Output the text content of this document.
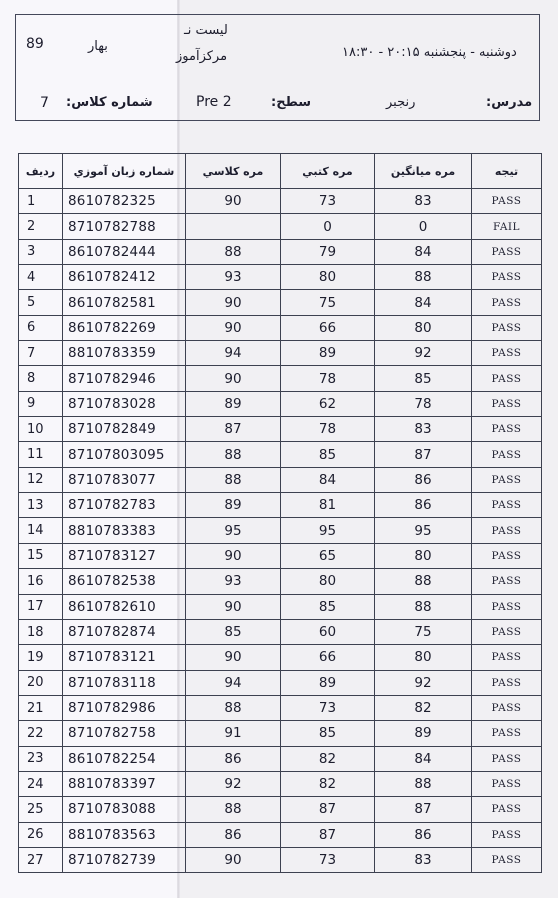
لیست نـ
بهار
89
مرکزآموز	دوشنبه - پنجشنبه ۲۰:۱۵ - ۱۸:۳۰
مدرس:
رنجبر
سطح:
Pre 2
شماره کلاس:
7
ردیف	شماره زبان آموزي	مره كلاسي	مره كتبي	مره ميانگين	تيجه
1	8610782325	90	73	83	PASS
2	8710782788		0	0	FAIL
3	8610782444	88	79	84	PASS
4	8610782412	93	80	88	PASS
5	8610782581	90	75	84	PASS
6	8610782269	90	66	80	PASS
7	8810783359	94	89	92	PASS
8	8710782946	90	78	85	PASS
9	8710783028	89	62	78	PASS
10	8710782849	87	78	83	PASS
11	87107803095	88	85	87	PASS
12	8710783077	88	84	86	PASS
13	8710782783	89	81	86	PASS
14	8810783383	95	95	95	PASS
15	8710783127	90	65	80	PASS
16	8610782538	93	80	88	PASS
17	8610782610	90	85	88	PASS
18	8710782874	85	60	75	PASS
19	8710783121	90	66	80	PASS
20	8710783118	94	89	92	PASS
21	8710782986	88	73	82	PASS
22	8710782758	91	85	89	PASS
23	8610782254	86	82	84	PASS
24	8810783397	92	82	88	PASS
25	8710783088	88	87	87	PASS
26	8810783563	86	87	86	PASS
27	8710782739	90	73	83	PASS
